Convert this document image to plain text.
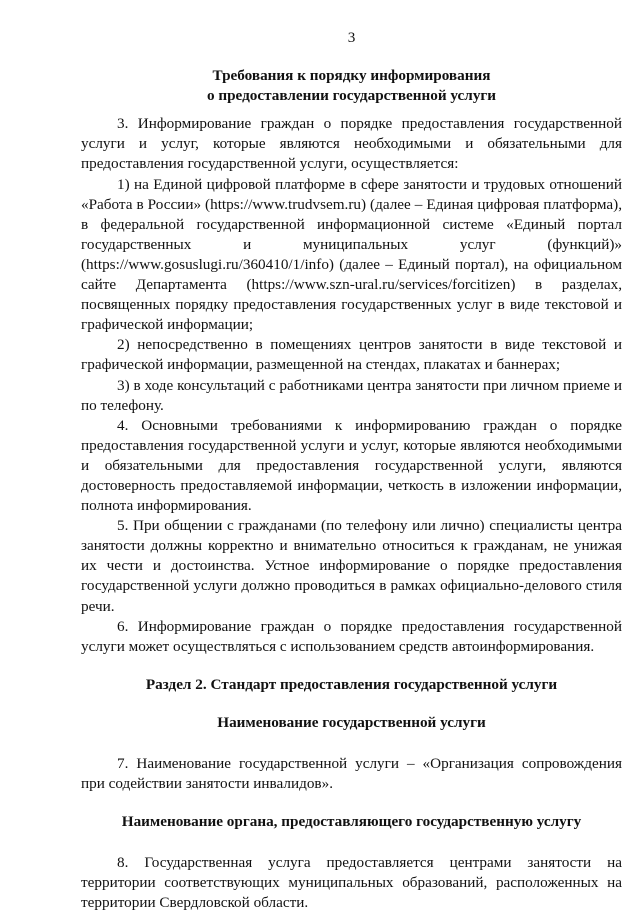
3
Требования к порядку информирования
о предоставлении государственной услуги

3. Информирование граждан о порядке предоставления государственной услуги и услуг, которые являются необходимыми и обязательными для предоставления государственной услуги, осуществляется:

1) на Единой цифровой платформе в сфере занятости и трудовых отношений «Работа в России» (https://www.trudvsem.ru) (далее – Единая цифровая платформа), в федеральной государственной информационной системе «Единый портал государственных и муниципальных услуг (функций)» (https://www.gosuslugi.ru/360410/1/info) (далее – Единый портал), на официальном сайте Департамента (https://www.szn-ural.ru/services/forcitizen) в разделах, посвященных порядку предоставления государственных услуг в виде текстовой и графической информации;

2) непосредственно в помещениях центров занятости в виде текстовой и графической информации, размещенной на стендах, плакатах и баннерах;

3) в ходе консультаций с работниками центра занятости при личном приеме и по телефону.

4. Основными требованиями к информированию граждан о порядке предоставления государственной услуги и услуг, которые являются необходимыми и обязательными для предоставления государственной услуги, являются достоверность предоставляемой информации, четкость в изложении информации, полнота информирования.

5. При общении с гражданами (по телефону или лично) специалисты центра занятости должны корректно и внимательно относиться к гражданам, не унижая их чести и достоинства. Устное информирование о порядке предоставления государственной услуги должно проводиться в рамках официально-делового стиля речи.

6. Информирование граждан о порядке предоставления государственной услуги может осуществляться с использованием средств автоинформирования.

Раздел 2. Стандарт предоставления государственной услуги
Наименование государственной услуги

7. Наименование государственной услуги – «Организация сопровождения при содействии занятости инвалидов».

Наименование органа, предоставляющего государственную услугу

8. Государственная услуга предоставляется центрами занятости на территории соответствующих муниципальных образований, расположенных на территории Свердловской области.
